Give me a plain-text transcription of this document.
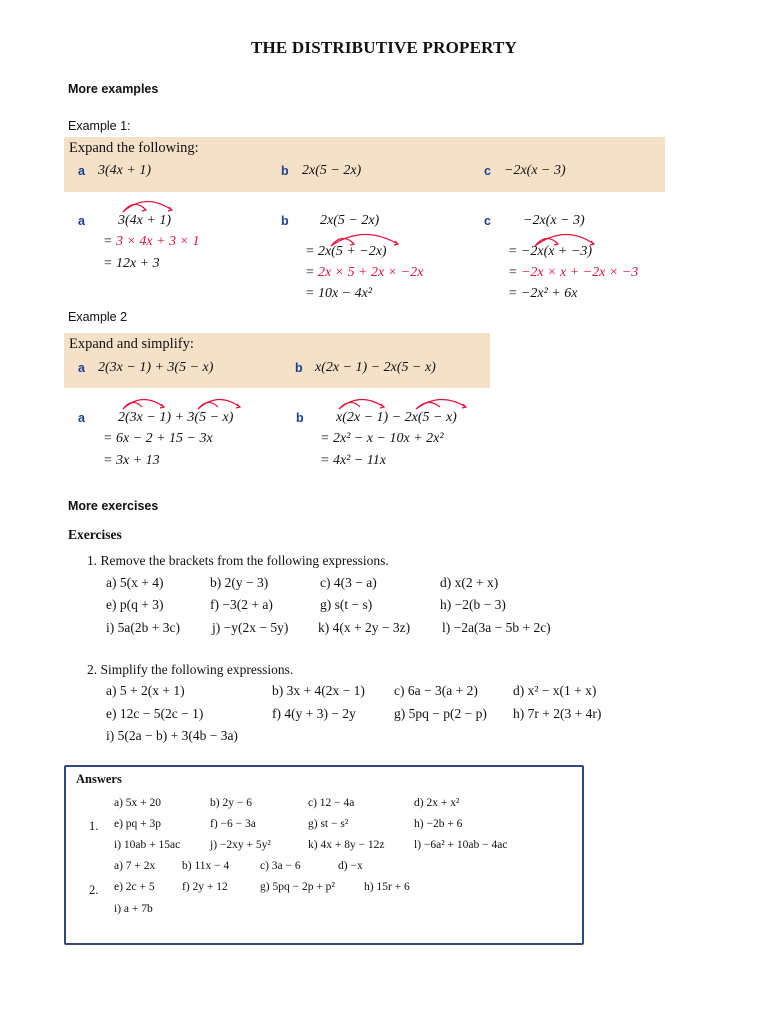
THE DISTRIBUTIVE PROPERTY
More examples
Example 1:
Expand the following:
a 3(4x + 1)	b 2x(5 − 2x)	c −2x(x − 3)
a 3(4x + 1)
= 3 × 4x + 3 × 1
= 12x + 3
b 2x(5 − 2x)
= 2x(5 + −2x)
= 2x × 5 + 2x × −2x
= 10x − 4x²
c −2x(x − 3)
= −2x(x + −3)
= −2x × x + −2x × −3
= −2x² + 6x
Example 2
Expand and simplify:
a 2(3x − 1) + 3(5 − x)	b x(2x − 1) − 2x(5 − x)
a 2(3x − 1) + 3(5 − x)
= 6x − 2 + 15 − 3x
= 3x + 13
b x(2x − 1) − 2x(5 − x)
= 2x² − x − 10x + 2x²
= 4x² − 11x
More exercises
Exercises
1. Remove the brackets from the following expressions.
a) 5(x + 4)	b) 2(y − 3)	c) 4(3 − a)	d) x(2 + x)
e) p(q + 3)	f) −3(2 + a)	g) s(t − s)	h) −2(b − 3)
i) 5a(2b + 3c) j) −y(2x − 5y) k) 4(x + 2y − 3z) l) −2a(3a − 5b + 2c)
2. Simplify the following expressions.
a) 5 + 2(x + 1)	b) 3x + 4(2x − 1) c) 6a − 3(a + 2)	d) x² − x(1 + x)
e) 12c − 5(2c − 1)	f) 4(y + 3) − 2y	g) 5pq − p(2 − p) h) 7r + 2(3 + 4r)
i) 5(2a − b) + 3(4b − 3a)
Answers
1.
a) 5x + 20	b) 2y − 6	c) 12 − 4a	d) 2x + x²
e) pq + 3p	f) −6 − 3a	g) st − s²	h) −2b + 6
i) 10ab + 15ac	j) −2xy + 5y²	k) 4x + 8y − 12z	l) −6a² + 10ab − 4ac
2.
a) 7 + 2x b) 11x − 4	c) 3a − 6	d) −x
e) 2c + 5 f) 2y + 12	g) 5pq − 2p + p²	h) 15r + 6
i) a + 7b
